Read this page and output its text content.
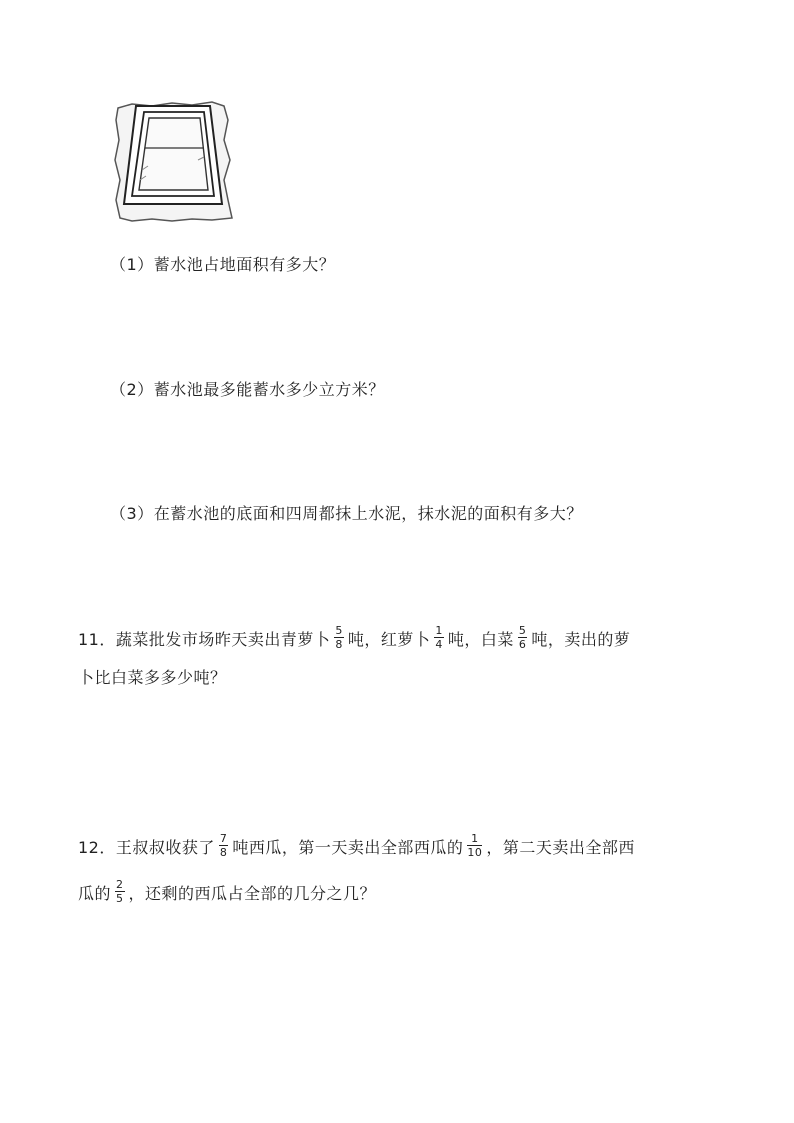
（1）蓄水池占地面积有多大？
（2）蓄水池最多能蓄水多少立方米？
（3）在蓄水池的底面和四周都抹上水泥，抹水泥的面积有多大？
11．蔬菜批发市场昨天卖出青萝卜 $\frac{5}{8}$ 吨，红萝卜 $\frac{1}{4}$ 吨，白菜 $\frac{5}{6}$ 吨，卖出的萝
卜比白菜多多少吨？
12．王叔叔收获了 $\frac{7}{8}$ 吨西瓜，第一天卖出全部西瓜的 $\frac{1}{10}$ ，第二天卖出全部西
瓜的 $\frac{2}{5}$ ，还剩的西瓜占全部的几分之几？
